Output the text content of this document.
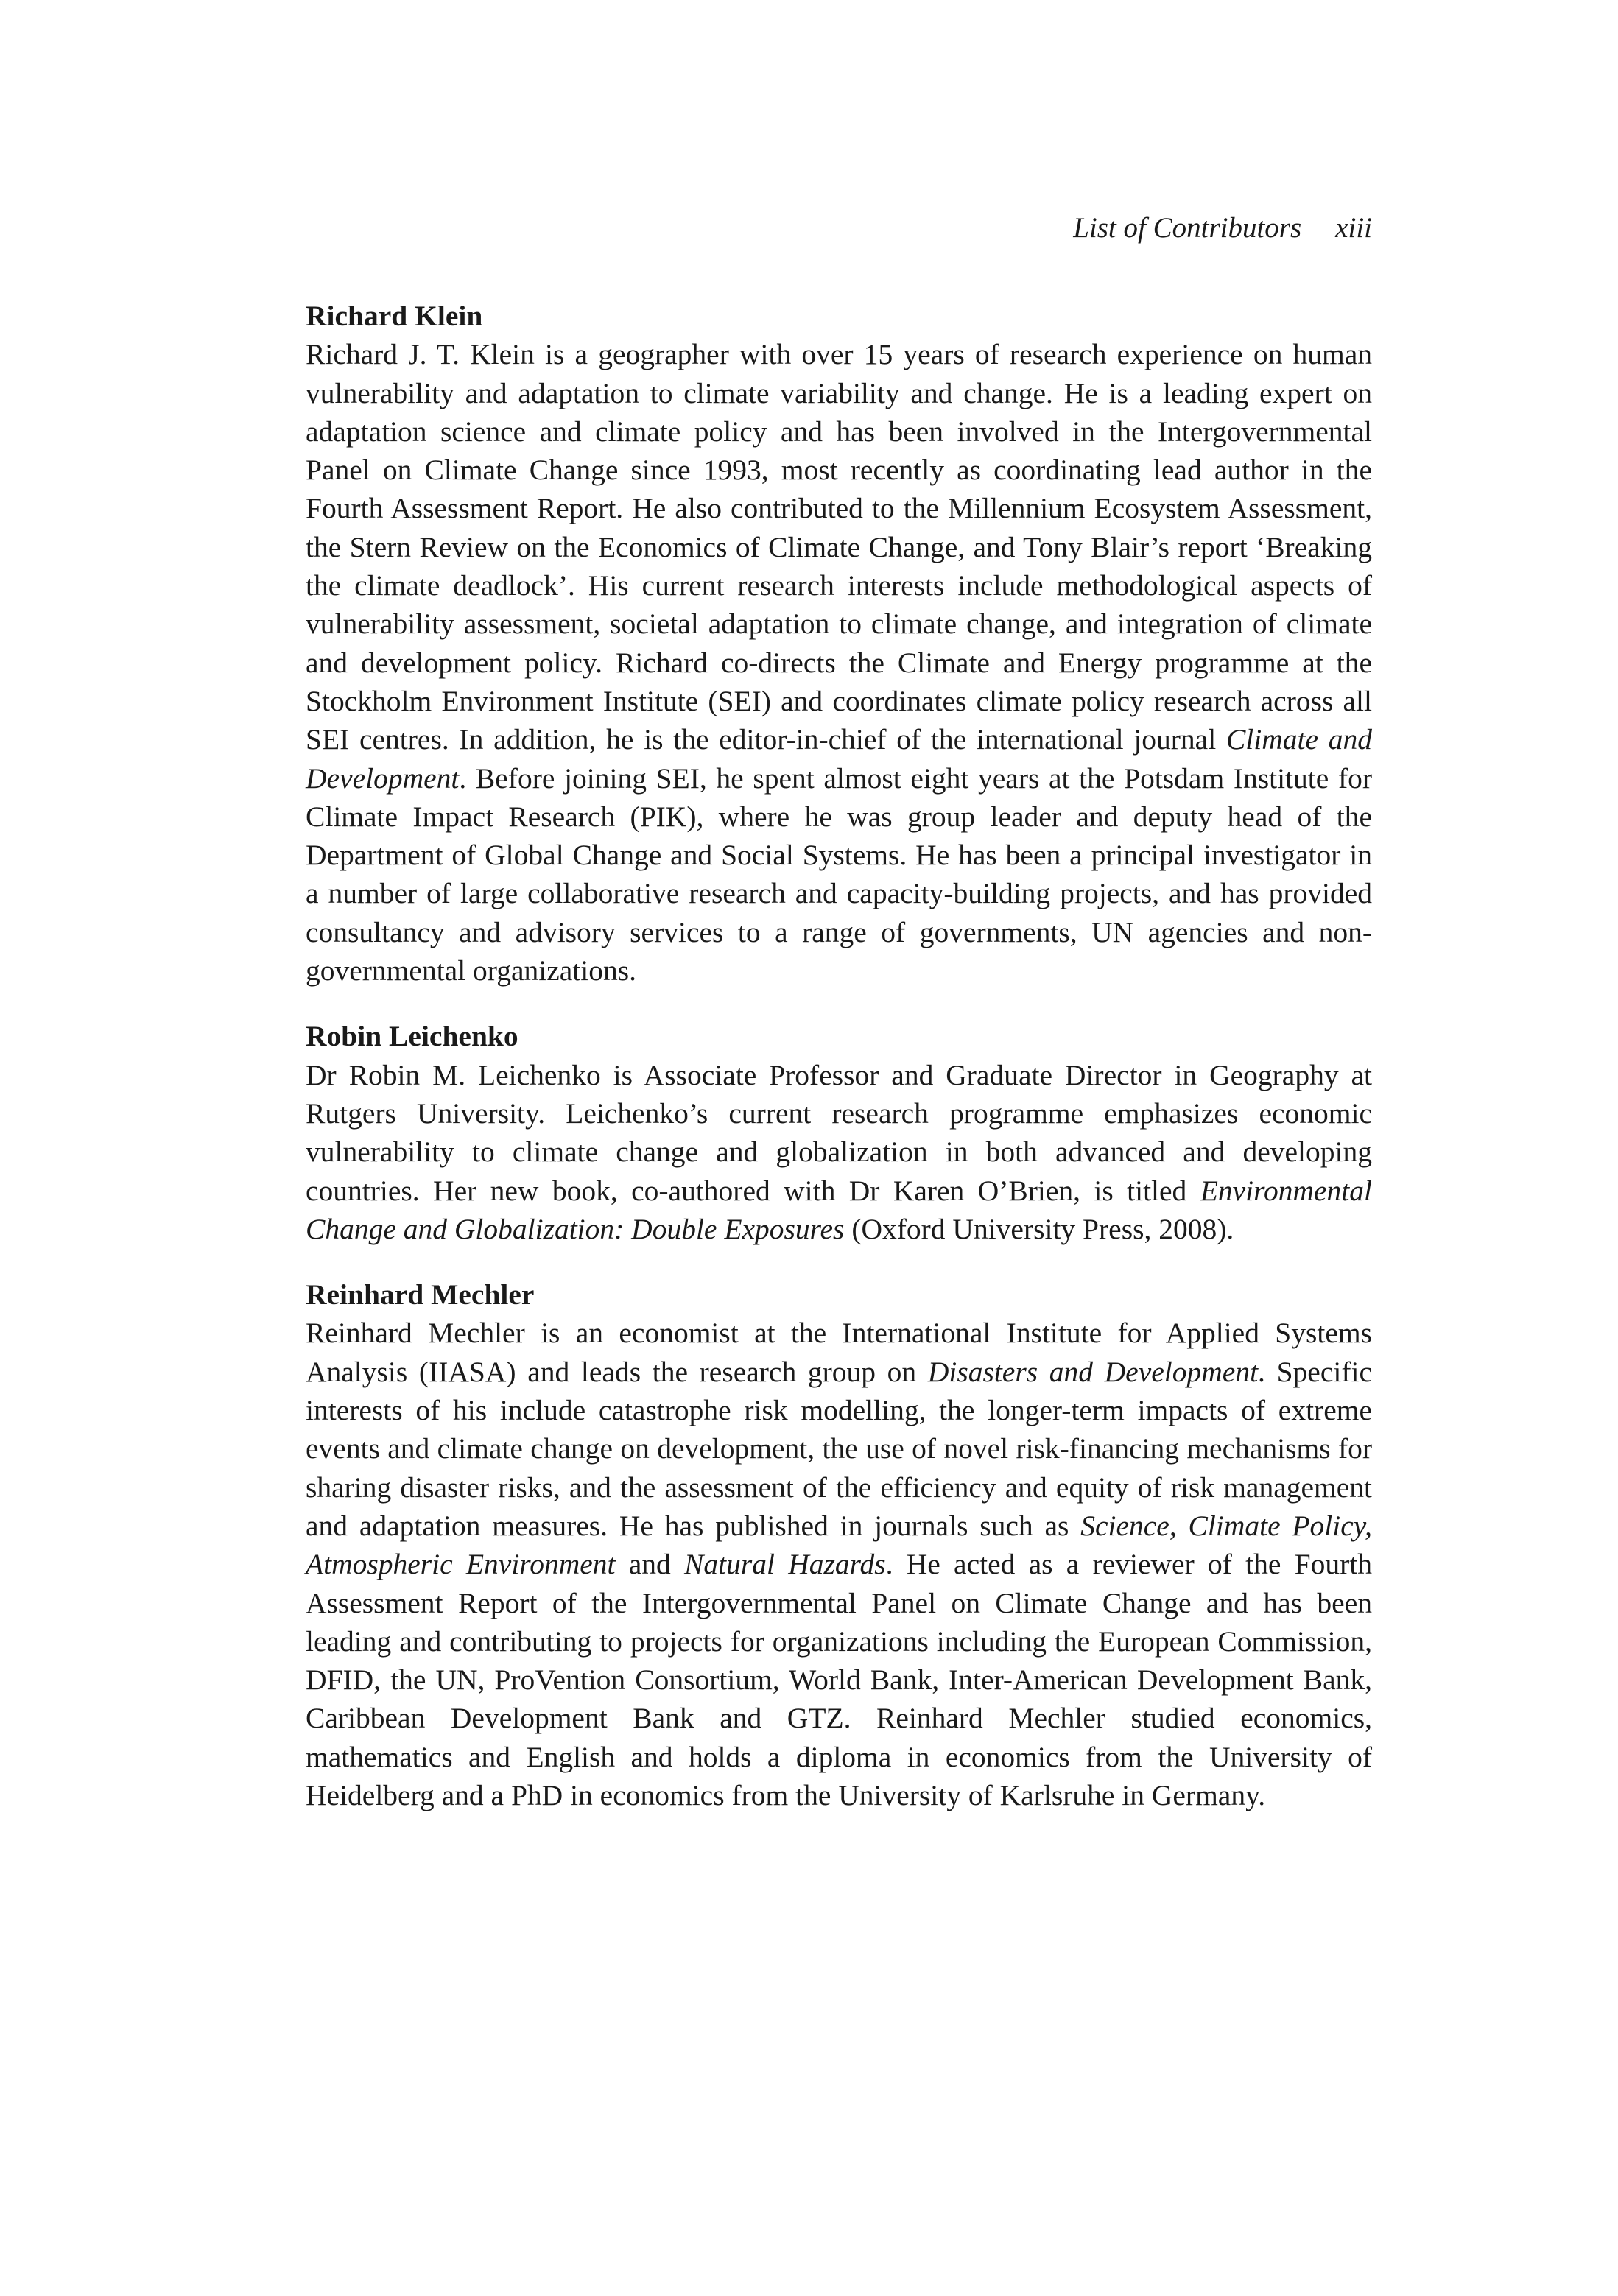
List of Contributors xiii

Richard Klein

Richard J. T. Klein is a geographer with over 15 years of research experience on human vulnerability and adaptation to climate variability and change. He is a leading expert on adaptation science and climate policy and has been involved in the Intergovernmental Panel on Climate Change since 1993, most recently as coordinating lead author in the Fourth Assessment Report. He also contributed to the Millennium Ecosystem Assessment, the Stern Review on the Economics of Climate Change, and Tony Blair’s report ‘Breaking the climate deadlock’. His current research interests include methodological aspects of vulnerability assessment, societal adaptation to climate change, and integration of climate and development policy. Richard co-directs the Climate and Energy programme at the Stockholm Environment Institute (SEI) and coordinates climate policy research across all SEI centres. In addition, he is the editor-in-chief of the international journal Climate and Development. Before joining SEI, he spent almost eight years at the Potsdam Institute for Climate Impact Research (PIK), where he was group leader and deputy head of the Department of Global Change and Social Systems. He has been a principal investigator in a number of large collaborative research and capacity-building projects, and has provided consultancy and advisory services to a range of governments, UN agencies and non-governmental organizations.

Robin Leichenko

Dr Robin M. Leichenko is Associate Professor and Graduate Director in Geography at Rutgers University. Leichenko’s current research programme emphasizes economic vulnerability to climate change and globalization in both advanced and developing countries. Her new book, co-authored with Dr Karen O’Brien, is titled Environmental Change and Globalization: Double Exposures (Oxford University Press, 2008).

Reinhard Mechler

Reinhard Mechler is an economist at the International Institute for Applied Systems Analysis (IIASA) and leads the research group on Disasters and Development. Specific interests of his include catastrophe risk modelling, the longer-term impacts of extreme events and climate change on development, the use of novel risk-financing mechanisms for sharing disaster risks, and the assessment of the efficiency and equity of risk management and adaptation measures. He has published in journals such as Science, Climate Policy, Atmospheric Environment and Natural Hazards. He acted as a reviewer of the Fourth Assessment Report of the Intergovernmental Panel on Climate Change and has been leading and contributing to projects for organizations including the European Commission, DFID, the UN, ProVention Consortium, World Bank, Inter-American Development Bank, Caribbean Development Bank and GTZ. Reinhard Mechler studied economics, mathematics and English and holds a diploma in economics from the University of Heidelberg and a PhD in economics from the University of Karlsruhe in Germany.
